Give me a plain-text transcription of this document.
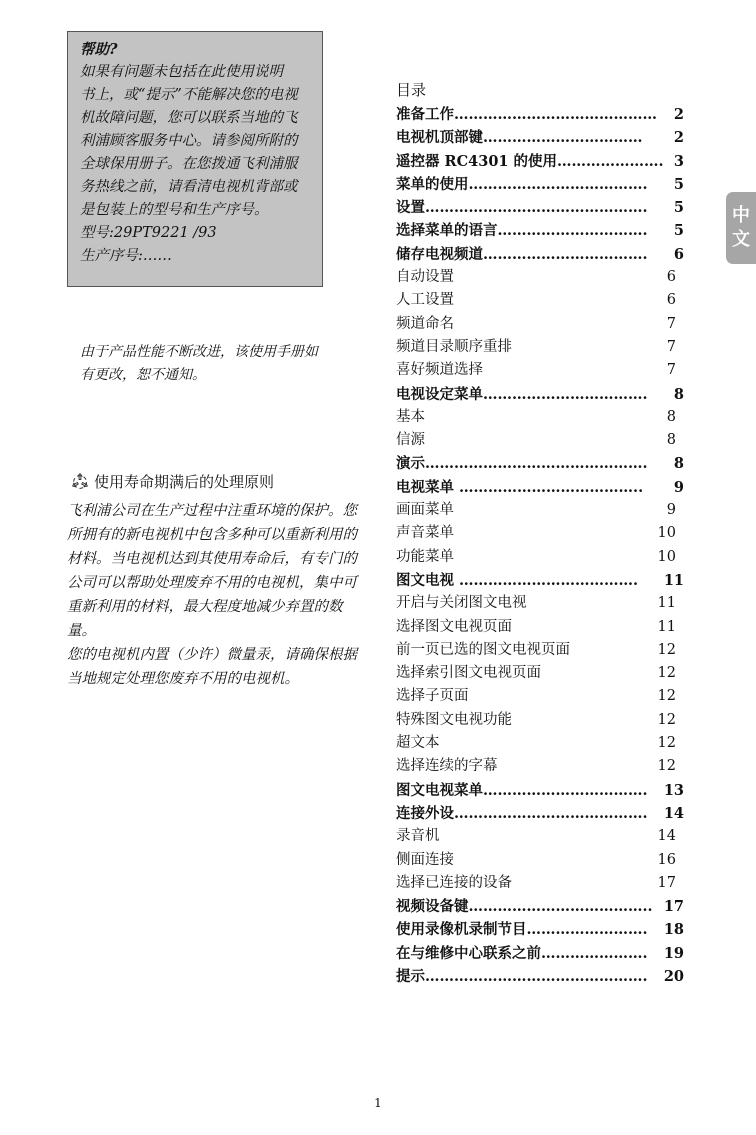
帮助?

如果有问题未包括在此使用说明

书上，或“提示”不能解决您的电视

机故障问题，您可以联系当地的飞

利浦顾客服务中心。请参阅所附的

全球保用册子。在您拨通飞利浦服

务热线之前，请看清电视机背部或

是包装上的型号和生产序号。

型号:29PT9221 /93

生产序号:……

由于产品性能不断改进，该使用手册如有更改，恕不通知。

使用寿命期满后的处理原则

飞利浦公司在生产过程中注重环境的保护。您所拥有的新电视机中包含多种可以重新利用的材料。当电视机达到其使用寿命后，有专门的公司可以帮助处理废弃不用的电视机，集中可重新利用的材料，最大程度地减少弃置的数量。

您的电视机内置（少许）微量汞，请确保根据当地规定处理您废弃不用的电视机。

目录
准备工作…………………………………… 2
电视机顶部键…………………………… 2
遥控器 RC4301 的使用…………………. 3
菜单的使用………………………………. 5
设置………………………………………. 5
选择菜单的语言…………………………. 5
储存电视频道……………………………. 6
自动设置	6
人工设置	6
频道命名	7
频道目录顺序重排	7
喜好频道选择	7
电视设定菜单……………………………. 8
基本	8
信源	8
演示………………………………………. 8
电视菜单 ……………………………….. 9
画面菜单	9
声音菜单	10
功能菜单	10
图文电视 ………………………………. 11
开启与关闭图文电视	11
选择图文电视页面	11
前一页已选的图文电视页面	12
选择索引图文电视页面	12
选择子页面	12
特殊图文电视功能	12
超文本	12
选择连续的字幕	12
图文电视菜单……………………………. 13
连接外设…………………………………. 14
录音机	14
侧面连接	16
选择已连接的设备	17
视频设备键……………………………….. 17
使用录像机录制节目……………………. 18
在与维修中心联系之前…………………. 19
提示………………………………………. 20
中
文
1
